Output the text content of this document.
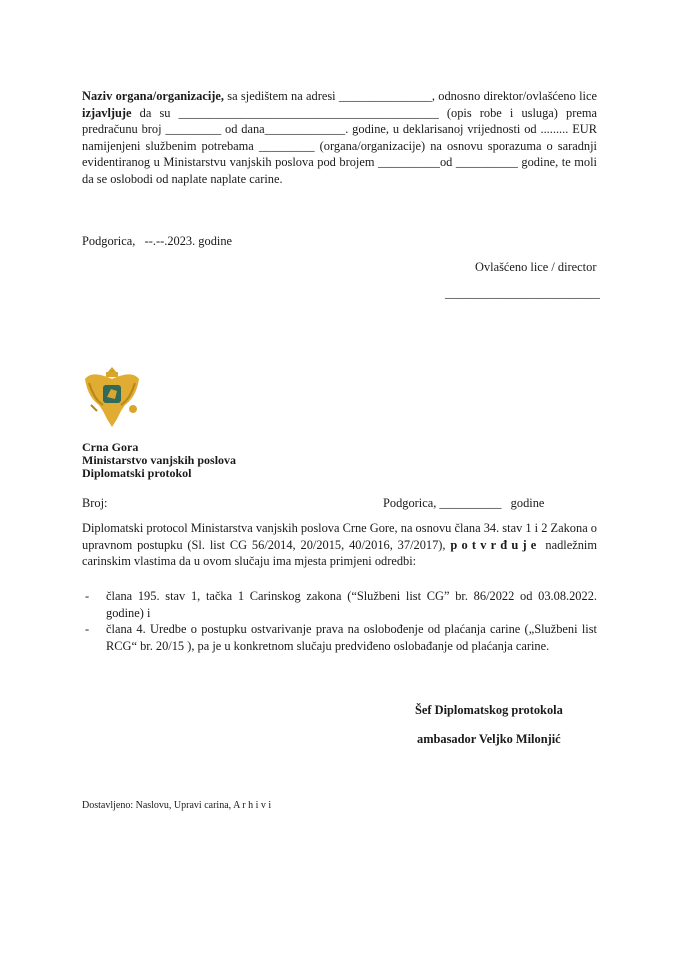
Naziv organa/organizacije, sa sjedištem na adresi _______________, odnosno direktor/ovlašćeno lice izjavljuje da su __________________________________________ (opis robe i usluga) prema predračunu broj _________ od dana_____________. godine, u deklarisanoj vrijednosti od ......... EUR namijenjeni službenim potrebama _________ (organa/organizacije) na osnovu sporazuma o saradnji evidentiranog u Ministarstvu vanjskih poslova pod brojem __________od __________ godine, te moli da se oslobodi od naplate naplate carine.
Podgorica,   --.--.2023. godine
Ovlašćeno lice / director
_________________________
Crna Gora
Ministarstvo vanjskih poslova
Diplomatski protokol
Broj:	Podgorica, __________   godine
Diplomatski protocol Ministarstva vanjskih poslova Crne Gore, na osnovu člana 34. stav 1 i 2 Zakona o upravnom postupku (Sl. list CG 56/2014, 20/2015, 40/2016, 37/2017), potvrđuje nadležnim carinskim vlastima da u ovom slučaju ima mjesta primjeni odredbi:
- člana 195. stav 1, tačka 1 Carinskog zakona (“Službeni list CG” br. 86/2022 od 03.08.2022. godine) i
- člana 4. Uredbe o postupku ostvarivanje prava na oslobođenje od plaćanja carine („Službeni list RCG“ br. 20/15 ), pa je u konkretnom slučaju predviđeno oslobađanje od plaćanja carine.
Šef Diplomatskog protokola
ambasador Veljko Milonjić
Dostavljeno: Naslovu, Upravi carina, A r h i v i
